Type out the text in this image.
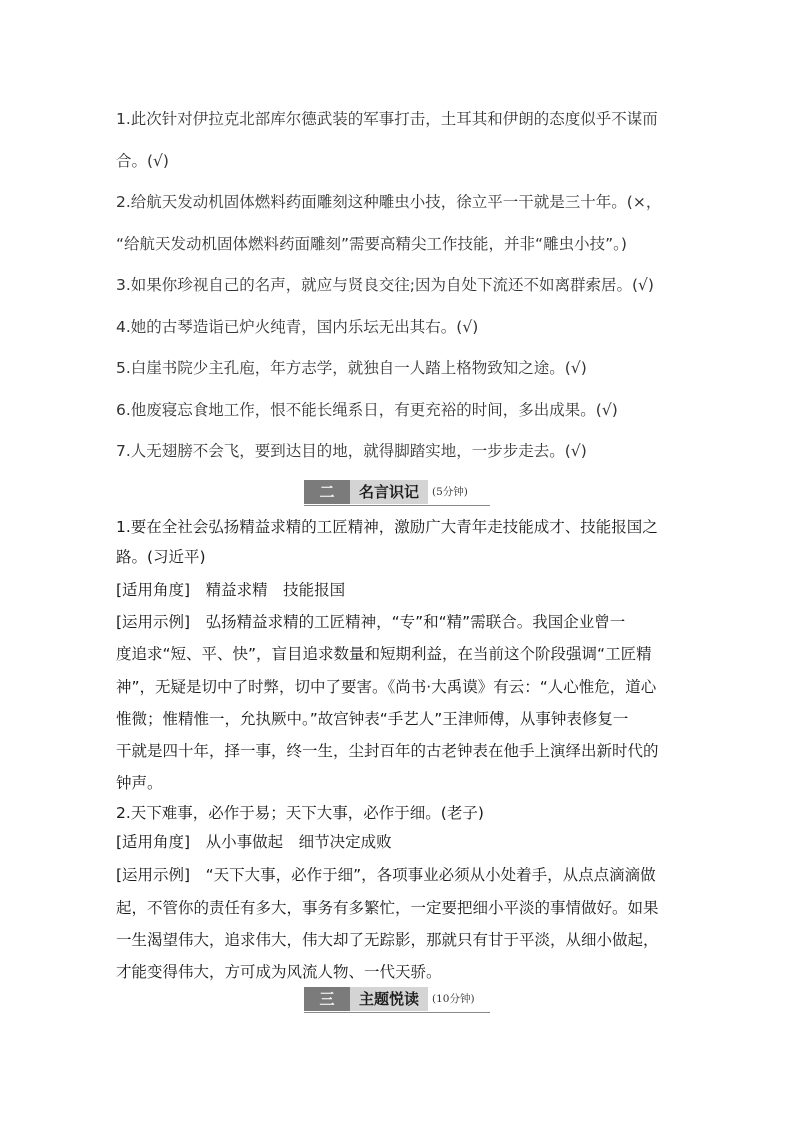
1.此次针对伊拉克北部库尔德武装的军事打击，土耳其和伊朗的态度似乎不谋而
合。(√)
2.给航天发动机固体燃料药面雕刻这种雕虫小技，徐立平一干就是三十年。(×，
“给航天发动机固体燃料药面雕刻”需要高精尖工作技能，并非“雕虫小技”。)
3.如果你珍视自己的名声，就应与贤良交往;因为自处下流还不如离群索居。(√)
4.她的古琴造诣已炉火纯青，国内乐坛无出其右。(√)
5.白崖书院少主孔庖，年方志学，就独自一人踏上格物致知之途。(√)
6.他废寝忘食地工作，恨不能长绳系日，有更充裕的时间，多出成果。(√)
7.人无翅膀不会飞，要到达目的地，就得脚踏实地，一步步走去。(√)
二	名言识记	(5分钟)
1.要在全社会弘扬精益求精的工匠精神，激励广大青年走技能成才、技能报国之
路。(习近平)
[适用角度]　精益求精　技能报国
[运用示例]　弘扬精益求精的工匠精神，“专”和“精”需联合。我国企业曾一
度追求“短、平、快”，盲目追求数量和短期利益，在当前这个阶段强调“工匠精
神”，无疑是切中了时弊，切中了要害。《尚书·大禹谟》有云：“人心惟危，道心
惟微；惟精惟一，允执厥中。”故宫钟表“手艺人”王津师傅，从事钟表修复一
干就是四十年，择一事，终一生，尘封百年的古老钟表在他手上演绎出新时代的
钟声。
2.天下难事，必作于易；天下大事，必作于细。(老子)
[适用角度]　从小事做起　细节决定成败
[运用示例]　“天下大事，必作于细”，各项事业必须从小处着手，从点点滴滴做
起，不管你的责任有多大，事务有多繁忙，一定要把细小平淡的事情做好。如果
一生渴望伟大，追求伟大，伟大却了无踪影，那就只有甘于平淡，从细小做起，
才能变得伟大，方可成为风流人物、一代天骄。
三	主题悦读	(10分钟)
